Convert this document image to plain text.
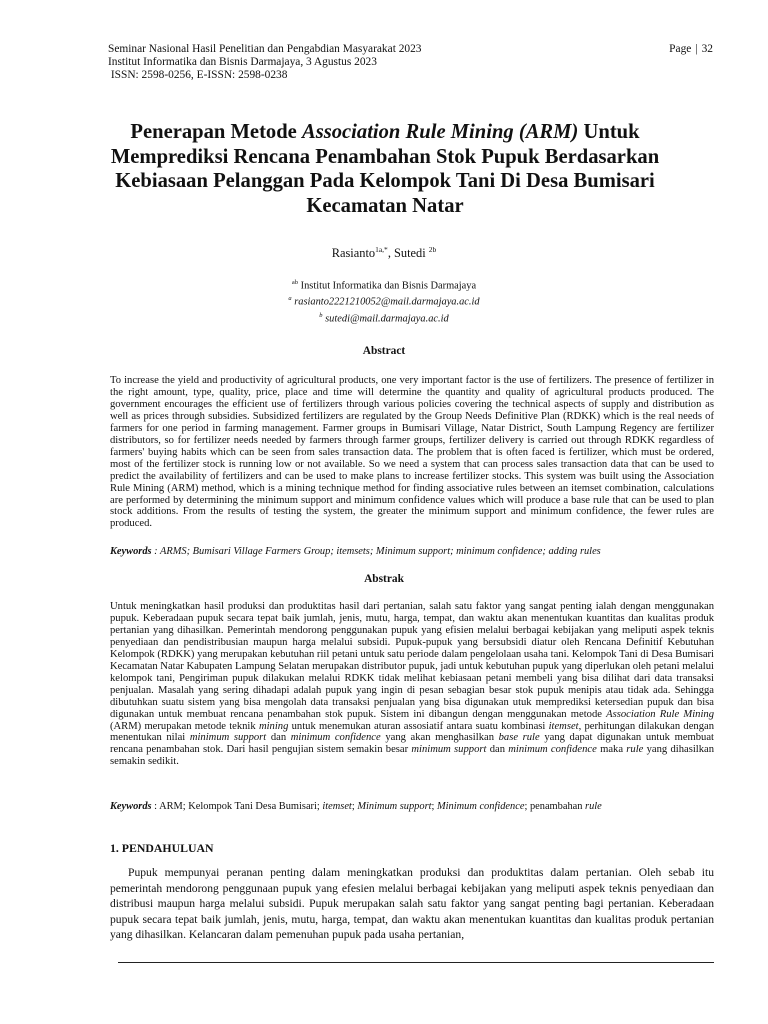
Seminar Nasional Hasil Penelitian dan Pengabdian Masyarakat 2023
Institut Informatika dan Bisnis Darmajaya, 3 Agustus 2023
ISSN: 2598-0256, E-ISSN: 2598-0238
Page | 32
Penerapan Metode Association Rule Mining (ARM) Untuk Memprediksi Rencana Penambahan Stok Pupuk Berdasarkan Kebiasaan Pelanggan Pada Kelompok Tani Di Desa Bumisari Kecamatan Natar
Rasianto$^{1a,*}$, Sutedi $^{2b}$
$^{ab}$ Institut Informatika dan Bisnis Darmajaya
$^a$ rasianto2221210052@mail.darmajaya.ac.id
$^b$ sutedi@mail.darmajaya.ac.id
Abstract

To increase the yield and productivity of agricultural products, one very important factor is the use of fertilizers. The presence of fertilizer in the right amount, type, quality, price, place and time will determine the quantity and quality of agricultural products produced. The government encourages the efficient use of fertilizers through various policies covering the technical aspects of supply and distribution as well as prices through subsidies. Subsidized fertilizers are regulated by the Group Needs Definitive Plan (RDKK) which is the real needs of farmers for one period in farming management. Farmer groups in Bumisari Village, Natar District, South Lampung Regency are fertilizer distributors, so for fertilizer needs needed by farmers through farmer groups, fertilizer delivery is carried out through RDKK regardless of farmers' buying habits which can be seen from sales transaction data. The problem that is often faced is fertilizer, which must be ordered, most of the fertilizer stock is running low or not available. So we need a system that can process sales transaction data that can be used to predict the availability of fertilizers and can be used to make plans to increase fertilizer stocks. This system was built using the Association Rule Mining (ARM) method, which is a mining technique method for finding associative rules between an itemset combination, calculations are performed by determining the minimum support and minimum confidence values which will produce a base rule that can be used to plan stock additions. From the results of testing the system, the greater the minimum support and minimum confidence, the fewer rules are produced.

Keywords : ARMS; Bumisari Village Farmers Group; itemsets; Minimum support; minimum confidence; adding rules
Abstrak

Untuk meningkatkan hasil produksi dan produktitas hasil dari pertanian, salah satu faktor yang sangat penting ialah dengan menggunakan pupuk. Keberadaan pupuk secara tepat baik jumlah, jenis, mutu, harga, tempat, dan waktu akan menentukan kuantitas dan kualitas produk pertanian yang dihasilkan. Pemerintah mendorong penggunakan pupuk yang efisien melalui berbagai kebijakan yang meliputi aspek teknis penyediaan dan pendistribusian maupun harga melalui subsidi. Pupuk-pupuk yang bersubsidi diatur oleh Rencana Definitif Kebutuhan Kelompok (RDKK) yang merupakan kebutuhan riil petani untuk satu periode dalam pengelolaan usaha tani. Kelompok Tani di Desa Bumisari Kecamatan Natar Kabupaten Lampung Selatan merupakan distributor pupuk, jadi untuk kebutuhan pupuk yang diperlukan oleh petani melalui kelompok tani, Pengiriman pupuk dilakukan melalui RDKK tidak melihat kebiasaan petani membeli yang bisa dilihat dari data transaksi penjualan. Masalah yang sering dihadapi adalah pupuk yang ingin di pesan sebagian besar stok pupuk menipis atau tidak ada. Sehingga dibutuhkan suatu sistem yang bisa mengolah data transaksi penjualan yang bisa digunakan utuk memprediksi ketersedian pupuk dan bisa digunakan untuk membuat rencana penambahan stok pupuk. Sistem ini dibangun dengan menggunakan metode Association Rule Mining (ARM) merupakan metode teknik mining untuk menemukan aturan assosiatif antara suatu kombinasi itemset, perhitungan dilakukan dengan menentukan nilai minimum support dan minimum confidence yang akan menghasilkan base rule yang dapat digunakan untuk membuat rencana penambahan stok. Dari hasil pengujian sistem semakin besar minimum support dan minimum confidence maka rule yang dihasilkan semakin sedikit.

Keywords : ARM; Kelompok Tani Desa Bumisari; itemset; Minimum support; Minimum confidence; penambahan rule
1. PENDAHULUAN

Pupuk mempunyai peranan penting dalam meningkatkan produksi dan produktitas dalam pertanian. Oleh sebab itu pemerintah mendorong penggunaan pupuk yang efesien melalui berbagai kebijakan yang meliputi aspek teknis penyediaan dan distribusi maupun harga melalui subsidi. Pupuk merupakan salah satu faktor yang sangat penting bagi pertanian. Keberadaan pupuk secara tepat baik jumlah, jenis, mutu, harga, tempat, dan waktu akan menentukan kuantitas dan kualitas produk pertanian yang dihasilkan. Kelancaran dalam pemenuhan pupuk pada usaha pertanian,
